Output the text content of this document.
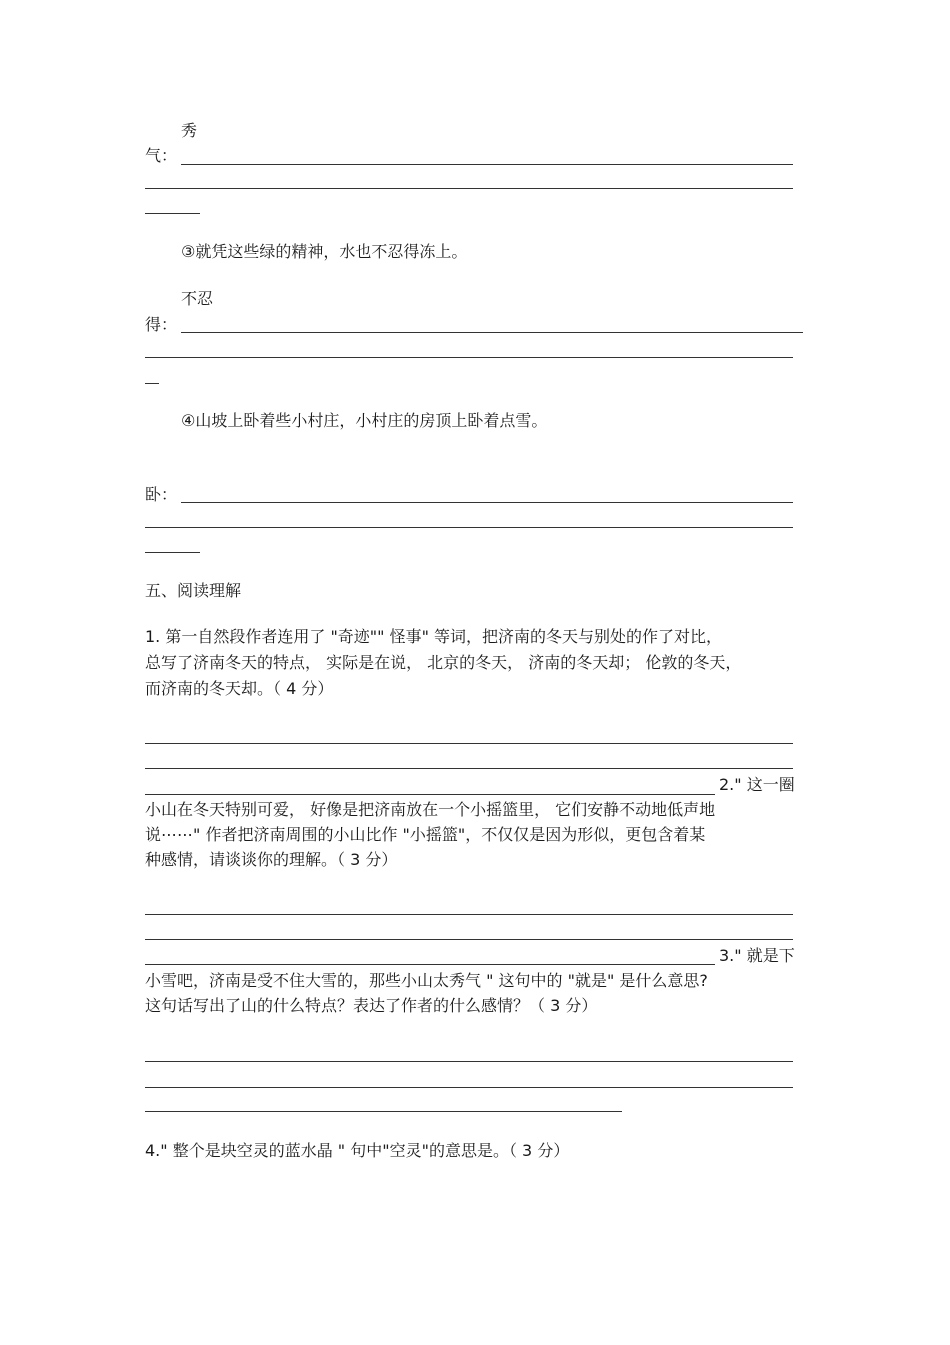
秀
气：
③就凭这些绿的精神，水也不忍得冻上。
不忍
得：
④山坡上卧着些小村庄，小村庄的房顶上卧着点雪。
卧：
五、阅读理解
1. 第一自然段作者连用了 "奇迹"" 怪事" 等词，把济南的冬天与别处的作了对比，
总写了济南冬天的特点， 实际是在说， 北京的冬天， 济南的冬天却； 伦敦的冬天，
而济南的冬天却。（ 4 分）
2." 这一圈
小山在冬天特别可爱， 好像是把济南放在一个小摇篮里， 它们安静不动地低声地
说⋯⋯" 作者把济南周围的小山比作 "小摇篮"，不仅仅是因为形似，更包含着某
种感情，请谈谈你的理解。（ 3 分）
3." 就是下
小雪吧，济南是受不住大雪的，那些小山太秀气 " 这句中的 "就是" 是什么意思?
这句话写出了山的什么特点？表达了作者的什么感情？（ 3 分）
4." 整个是块空灵的蓝水晶 " 句中"空灵"的意思是。（ 3 分）
